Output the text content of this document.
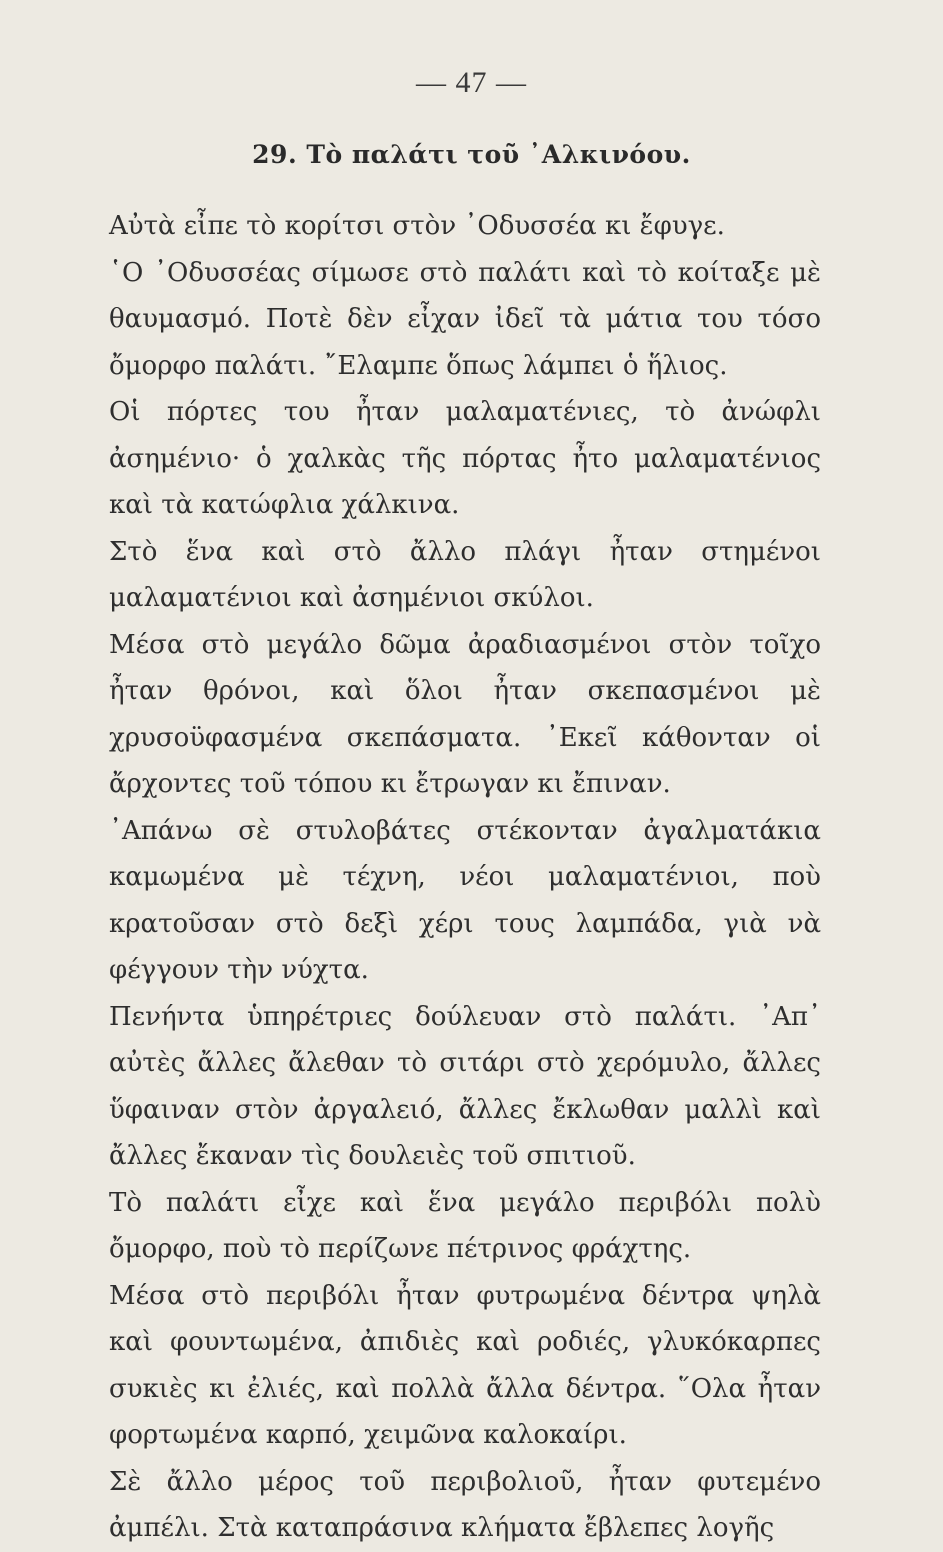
— 47 —
29. Τὸ παλάτι τοῦ ᾿Αλκινόου.

Αὐτὰ εἶπε τὸ κορίτσι στὸν ᾿Οδυσσέα κι ἔφυγε.

῾Ο ᾿Οδυσσέας σίμωσε στὸ παλάτι καὶ τὸ κοίταξε μὲ θαυμασμό. Ποτὲ δὲν εἶχαν ἰδεῖ τὰ μάτια του τόσο ὄμορφο παλάτι. ῎Ελαμπε ὅπως λάμπει ὁ ἥλιος.

Οἱ πόρτες του ἦταν μαλαματένιες, τὸ ἀνώφλι ἀσημένιο· ὁ χαλκὰς τῆς πόρτας ἦτο μαλαματένιος καὶ τὰ κατώφλια χάλκινα.

Στὸ ἕνα καὶ στὸ ἄλλο πλάγι ἦταν στημένοι μαλαματένιοι καὶ ἀσημένιοι σκύλοι.

Μέσα στὸ μεγάλο δῶμα ἀραδιασμένοι στὸν τοῖχο ἦταν θρόνοι, καὶ ὅλοι ἦταν σκεπασμένοι μὲ χρυσοϋφασμένα σκεπάσματα. ᾿Εκεῖ κάθονταν οἱ ἄρχοντες τοῦ τόπου κι ἔτρωγαν κι ἔπιναν.

᾿Απάνω σὲ στυλοβάτες στέκονταν ἀγαλματάκια καμωμένα μὲ τέχνη, νέοι μαλαματένιοι, ποὺ κρατοῦσαν στὸ δεξὶ χέρι τους λαμπάδα, γιὰ νὰ φέγγουν τὴν νύχτα.

Πενήντα ὑπηρέτριες δούλευαν στὸ παλάτι. ᾿Απ᾿ αὐτὲς ἄλλες ἄλεθαν τὸ σιτάρι στὸ χερόμυλο, ἄλλες ὕφαιναν στὸν ἀργαλειό, ἄλλες ἔκλωθαν μαλλὶ καὶ ἄλλες ἔκαναν τὶς δουλειὲς τοῦ σπιτιοῦ.

Τὸ παλάτι εἶχε καὶ ἕνα μεγάλο περιβόλι πολὺ ὄμορφο, ποὺ τὸ περίζωνε πέτρινος φράχτης.

Μέσα στὸ περιβόλι ἦταν φυτρωμένα δέντρα ψηλὰ καὶ φουντωμένα, ἀπιδιὲς καὶ ροδιές, γλυκόκαρπες συκιὲς κι ἐλιές, καὶ πολλὰ ἄλλα δέντρα. ῞Ολα ἦταν φορτωμένα καρπό, χειμῶνα καλοκαίρι.

Σὲ ἄλλο μέρος τοῦ περιβολιοῦ, ἦταν φυτεμένο ἀμπέλι. Στὰ καταπράσινα κλήματα ἔβλεπες λογῆς
